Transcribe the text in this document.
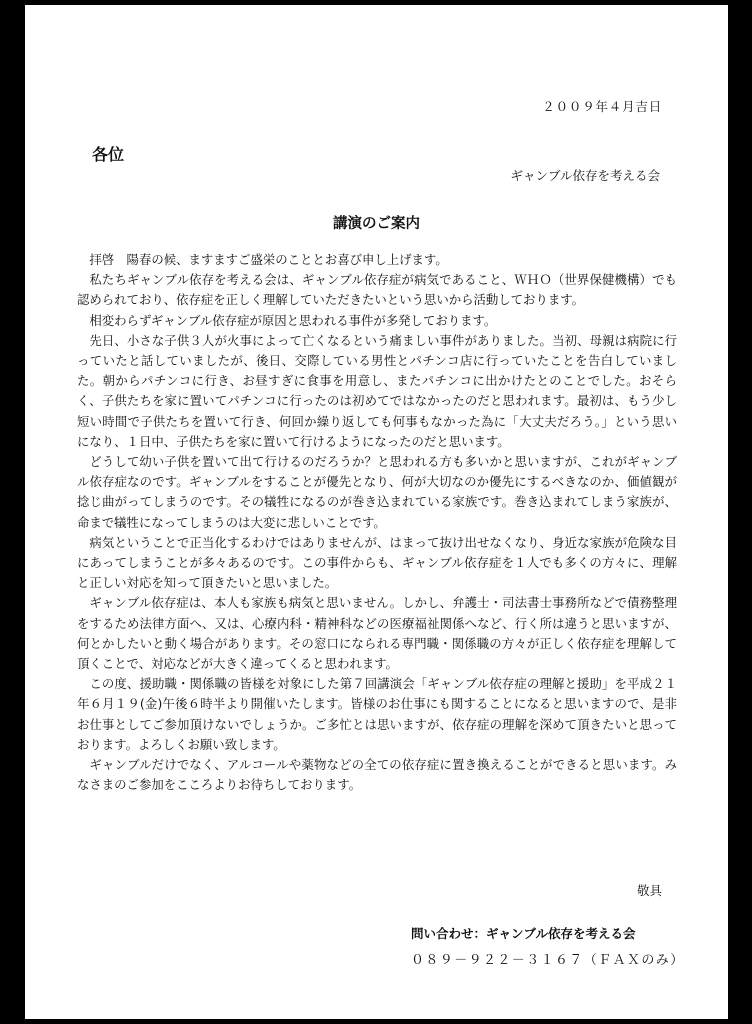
２００９年４月吉日
各位
ギャンブル依存を考える会
講演のご案内

拝啓　陽春の候、ますますご盛栄のこととお喜び申し上げます。

私たちギャンブル依存を考える会は、ギャンブル依存症が病気であること、ＷＨＯ（世界保健機構）でも認められており、依存症を正しく理解していただきたいという思いから活動しております。

相変わらずギャンブル依存症が原因と思われる事件が多発しております。

先日、小さな子供３人が火事によって亡くなるという痛ましい事件がありました。当初、母親は病院に行っていたと話していましたが、後日、交際している男性とパチンコ店に行っていたことを告白していました。朝からパチンコに行き、お昼すぎに食事を用意し、またパチンコに出かけたとのことでした。おそらく、子供たちを家に置いてパチンコに行ったのは初めてではなかったのだと思われます。最初は、もう少し短い時間で子供たちを置いて行き、何回か繰り返しても何事もなかった為に「大丈夫だろう。」という思いになり、１日中、子供たちを家に置いて行けるようになったのだと思います。

どうして幼い子供を置いて出て行けるのだろうか？と思われる方も多いかと思いますが、これがギャンブル依存症なのです。ギャンブルをすることが優先となり、何が大切なのか優先にするべきなのか、価値観が捻じ曲がってしまうのです。その犠牲になるのが巻き込まれている家族です。巻き込まれてしまう家族が、命まで犠牲になってしまうのは大変に悲しいことです。

病気ということで正当化するわけではありませんが、はまって抜け出せなくなり、身近な家族が危険な目にあってしまうことが多々あるのです。この事件からも、ギャンブル依存症を１人でも多くの方々に、理解と正しい対応を知って頂きたいと思いました。

ギャンブル依存症は、本人も家族も病気と思いません。しかし、弁護士・司法書士事務所などで債務整理をするため法律方面へ、又は、心療内科・精神科などの医療福祉関係へなど、行く所は違うと思いますが、何とかしたいと動く場合があります。その窓口になられる専門職・関係職の方々が正しく依存症を理解して頂くことで、対応などが大きく違ってくると思われます。

この度、援助職・関係職の皆様を対象にした第７回講演会「ギャンブル依存症の理解と援助」を平成２１年６月１９(金)午後６時半より開催いたします。皆様のお仕事にも関することになると思いますので、是非お仕事としてご参加頂けないでしょうか。ご多忙とは思いますが、依存症の理解を深めて頂きたいと思っております。よろしくお願い致します。

ギャンブルだけでなく、アルコールや薬物などの全ての依存症に置き換えることができると思います。みなさまのご参加をこころよりお待ちしております。

敬具
問い合わせ：ギャンブル依存を考える会
０８９－９２２－３１６７（ＦＡＸのみ）
